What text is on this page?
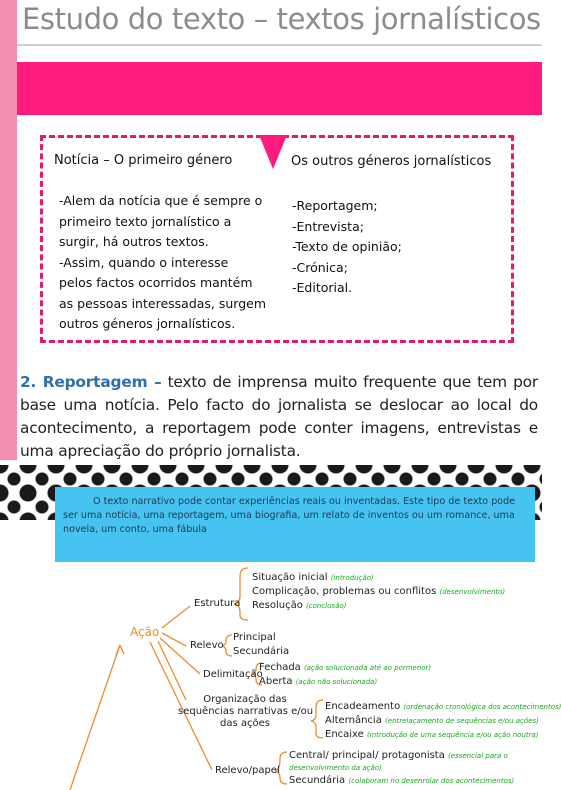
Estudo do texto – textos jornalísticos
Notícia – O primeiro género
-Alem da notícia que é sempre o
primeiro texto jornalístico a
surgir, há outros textos.
-Assim, quando o interesse
pelos factos ocorridos mantém
as pessoas interessadas, surgem
outros géneros jornalísticos.
Os outros géneros jornalísticos
-Reportagem;
-Entrevista;
-Texto de opinião;
-Crónica;
-Editorial.
2. Reportagem – texto de imprensa muito frequente que tem por base uma notícia. Pelo facto do jornalista se deslocar ao local do acontecimento, a reportagem pode conter imagens, entrevistas e uma apreciação do próprio jornalista.
O texto narrativo pode contar experiências reais ou inventadas. Este tipo de texto pode ser uma notícia, uma reportagem, uma biografia, um relato de inventos ou um romance, uma novela, um conto, uma fábula
Ação
Estrutura
Situação inicial (introdução)
Complicação, problemas ou conflitos (desenvolvimento)
Resolução (conclusão)
Relevo
Principal
Secundária
Delimitação
Fechada (ação solucionada até ao pormenor)
Aberta (ação não solucionada)
Organização das
sequências narrativas e/ou
das ações
Encadeamento (ordenação cronológica dos acontecimentos)
Alternância (entrelaçamento de sequências e/ou ações)
Encaixe (introdução de uma sequência e/ou ação noutra)
Relevo/papel
Central/ principal/ protagonista (essencial para o desenvolvimento da ação)
Secundária (colaboram no desenrolar dos acontecimentos)
